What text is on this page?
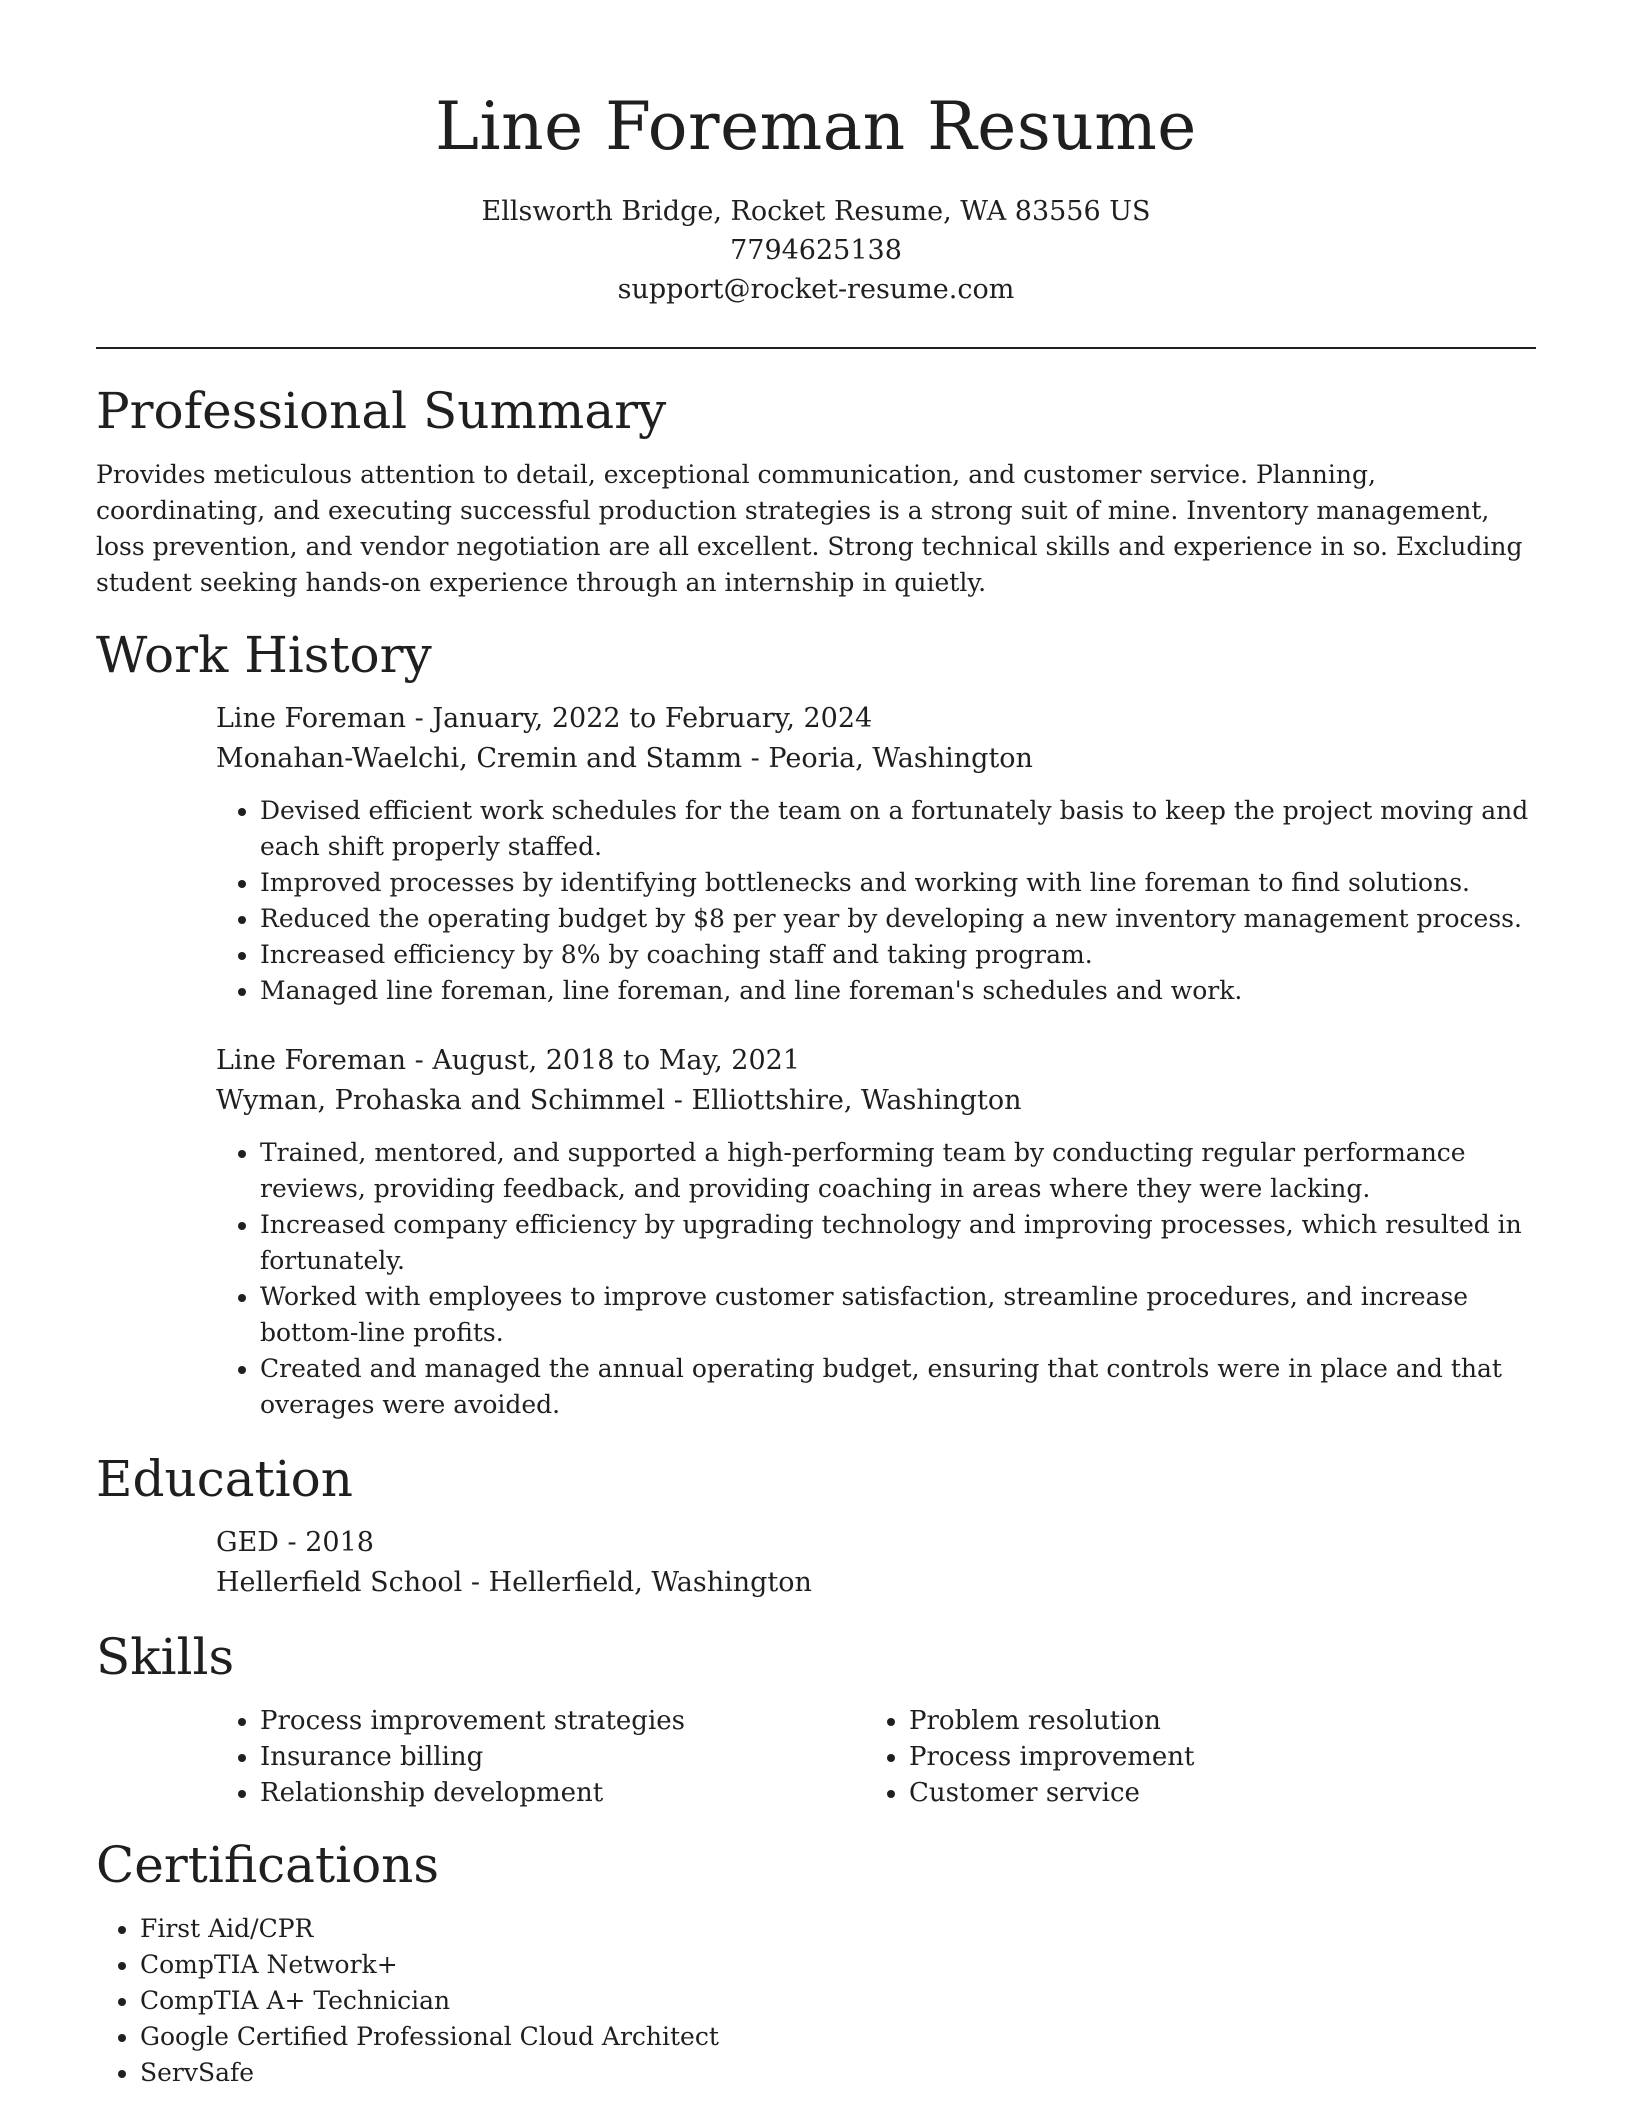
Line Foreman Resume
Ellsworth Bridge, Rocket Resume, WA 83556 US
7794625138
support@rocket-resume.com
Professional Summary

Provides meticulous attention to detail, exceptional communication, and customer service. Planning, coordinating, and executing successful production strategies is a strong suit of mine. Inventory management, loss prevention, and vendor negotiation are all excellent. Strong technical skills and experience in so. Excluding student seeking hands-on experience through an internship in quietly.

Work History
Line Foreman - January, 2022 to February, 2024
Monahan-Waelchi, Cremin and Stamm - Peoria, Washington
• Devised efficient work schedules for the team on a fortunately basis to keep the project moving and each shift properly staffed.
• Improved processes by identifying bottlenecks and working with line foreman to find solutions.
• Reduced the operating budget by $8 per year by developing a new inventory management process.
• Increased efficiency by 8% by coaching staff and taking program.
• Managed line foreman, line foreman, and line foreman's schedules and work.
Line Foreman - August, 2018 to May, 2021
Wyman, Prohaska and Schimmel - Elliottshire, Washington
• Trained, mentored, and supported a high-performing team by conducting regular performance reviews, providing feedback, and providing coaching in areas where they were lacking.
• Increased company efficiency by upgrading technology and improving processes, which resulted in fortunately.
• Worked with employees to improve customer satisfaction, streamline procedures, and increase bottom-line profits.
• Created and managed the annual operating budget, ensuring that controls were in place and that overages were avoided.
Education
GED - 2018
Hellerfield School - Hellerfield, Washington
Skills
• Process improvement strategies
• Insurance billing
• Relationship development
• Problem resolution
• Process improvement
• Customer service
Certifications
• First Aid/CPR
• CompTIA Network+
• CompTIA A+ Technician
• Google Certified Professional Cloud Architect
• ServSafe
